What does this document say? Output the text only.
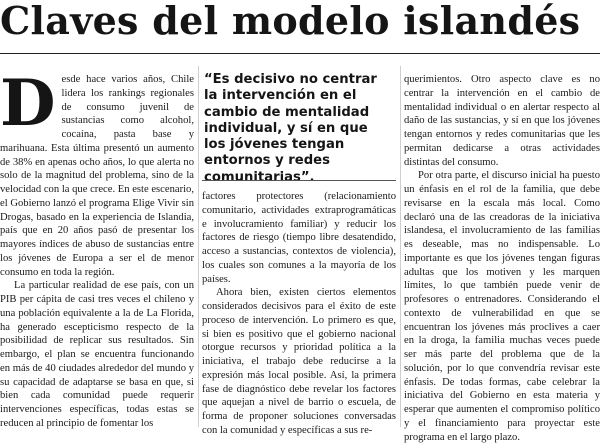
Claves del modelo islandés

Desde hace varios años, Chile lidera los rankings regionales de consumo juvenil de sustancias como alcohol, cocaína, pasta base y marihuana. Esta última presentó un aumento de 38% en apenas ocho años, lo que alerta no solo de la magnitud del problema, sino de la velocidad con la que crece. En este escenario, el Gobierno lanzó el programa Elige Vivir sin Drogas, basado en la experiencia de Islandia, país que en 20 años pasó de presentar los mayores índices de abuso de sustancias entre los jóvenes de Europa a ser el de menor consumo en toda la región.

La particular realidad de ese país, con un PIB per cápita de casi tres veces el chileno y una población equivalente a la de La Florida, ha generado escepticismo respecto de la posibilidad de replicar sus resultados. Sin embargo, el plan se encuentra funcionando en más de 40 ciudades alrededor del mundo y su capacidad de adaptarse se basa en que, si bien cada comunidad puede requerir intervenciones específicas, todas estas se reducen al principio de fomentar los

“Es decisivo no centrar la intervención en el cambio de mentalidad individual, y sí en que los jóvenes tengan entornos y redes comunitarias”.

factores protectores (relacionamiento comunitario, actividades extraprogramáticas e involucramiento familiar) y reducir los factores de riesgo (tiempo libre desatendido, acceso a sustancias, contextos de violencia), los cuales son comunes a la mayoría de los países.

Ahora bien, existen ciertos elementos considerados decisivos para el éxito de este proceso de intervención. Lo primero es que, si bien es positivo que el gobierno nacional otorgue recursos y prioridad política a la iniciativa, el trabajo debe reducirse a la expresión más local posible. Así, la primera fase de diagnóstico debe revelar los factores que aquejan a nivel de barrio o escuela, de forma de proponer soluciones conversadas con la comunidad y específicas a sus re-

querimientos. Otro aspecto clave es no centrar la intervención en el cambio de mentalidad individual o en alertar respecto al daño de las sustancias, y sí en que los jóvenes tengan entornos y redes comunitarias que les permitan dedicarse a otras actividades distintas del consumo.

Por otra parte, el discurso inicial ha puesto un énfasis en el rol de la familia, que debe revisarse en la escala más local. Como declaró una de las creadoras de la iniciativa islandesa, el involucramiento de las familias es deseable, mas no indispensable. Lo importante es que los jóvenes tengan figuras adultas que los motiven y les marquen límites, lo que también puede venir de profesores o entrenadores. Considerando el contexto de vulnerabilidad en que se encuentran los jóvenes más proclives a caer en la droga, la familia muchas veces puede ser más parte del problema que de la solución, por lo que convendría revisar este énfasis. De todas formas, cabe celebrar la iniciativa del Gobierno en esta materia y esperar que aumenten el compromiso político y el financiamiento para proyectar este programa en el largo plazo.
